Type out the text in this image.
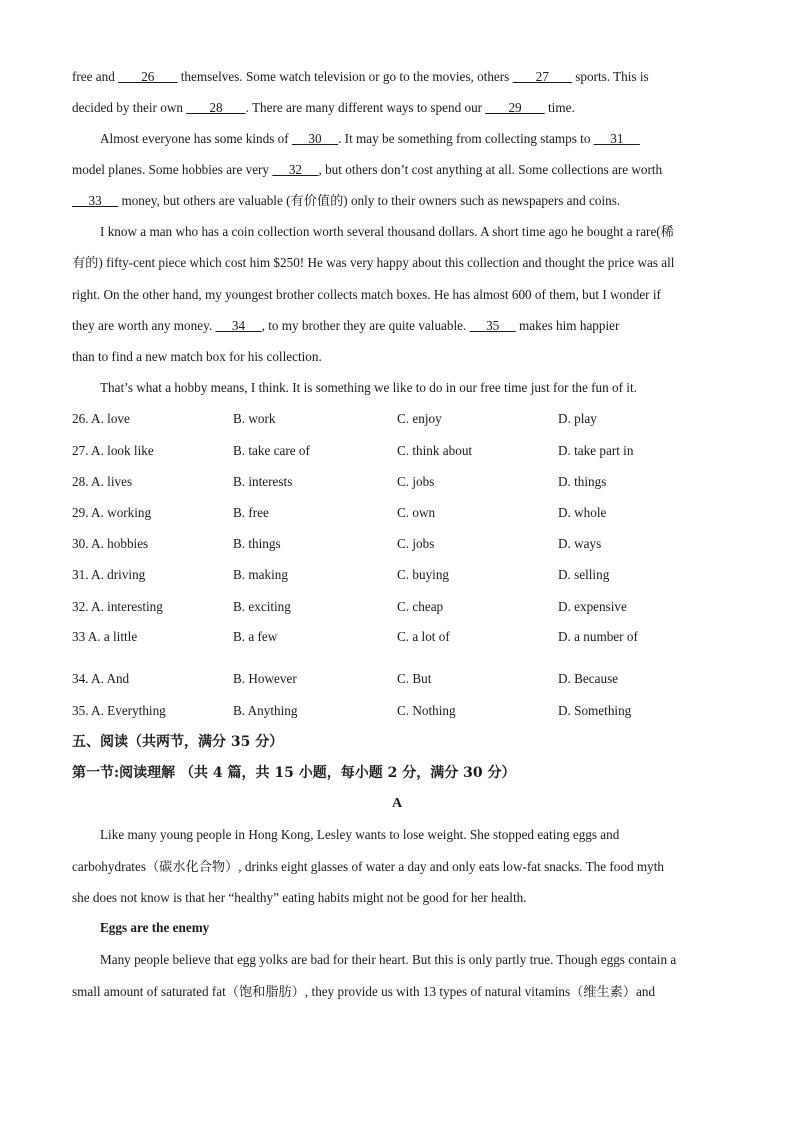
free and        26        themselves. Some watch television or go to the movies, others        27        sports. This is
decided by their own        28       . There are many different ways to spend our        29        time.
Almost everyone has some kinds of      30     . It may be something from collecting stamps to      31
model planes. Some hobbies are very      32     , but others don’t cost anything at all. Some collections are worth
33      money, but others are valuable (有价值的) only to their owners such as newspapers and coins.
I know a man who has a coin collection worth several thousand dollars. A short time ago he bought a rare(稀
有的) fifty-cent piece which cost him $250! He was very happy about this collection and thought the price was all
right. On the other hand, my youngest brother collects match boxes. He has almost 600 of them, but I wonder if
they are worth any money.      34     , to my brother they are quite valuable.      35      makes him happier
than to find a new match box for his collection.
That’s what a hobby means, I think. It is something we like to do in our free time just for the fun of it.
26. A. love	B. work	C. enjoy	D. play
27. A. look like	B. take care of	C. think about	D. take part in
28. A. lives	B. interests	C. jobs	D. things
29. A. working	B. free	C. own	D. whole
30. A. hobbies	B. things	C. jobs	D. ways
31. A. driving	B. making	C. buying	D. selling
32. A. interesting	B. exciting	C. cheap	D. expensive
33 A. a little	B. a few	C. a lot of	D. a number of
34. A. And	B. However	C. But	D. Because
35. A. Everything	B. Anything	C. Nothing	D. Something
五、阅读（共两节，满分 35 分）
第一节:阅读理解 （共 4 篇，共 15 小题，每小题 2 分，满分 30 分）
A
Like many young people in Hong Kong, Lesley wants to lose weight. She stopped eating eggs and
carbohydrates（碳水化合物）, drinks eight glasses of water a day and only eats low-fat snacks. The food myth
she does not know is that her “healthy” eating habits might not be good for her health.
Eggs are the enemy
Many people believe that egg yolks are bad for their heart. But this is only partly true. Though eggs contain a
small amount of saturated fat（饱和脂肪）, they provide us with 13 types of natural vitamins（维生素）and
